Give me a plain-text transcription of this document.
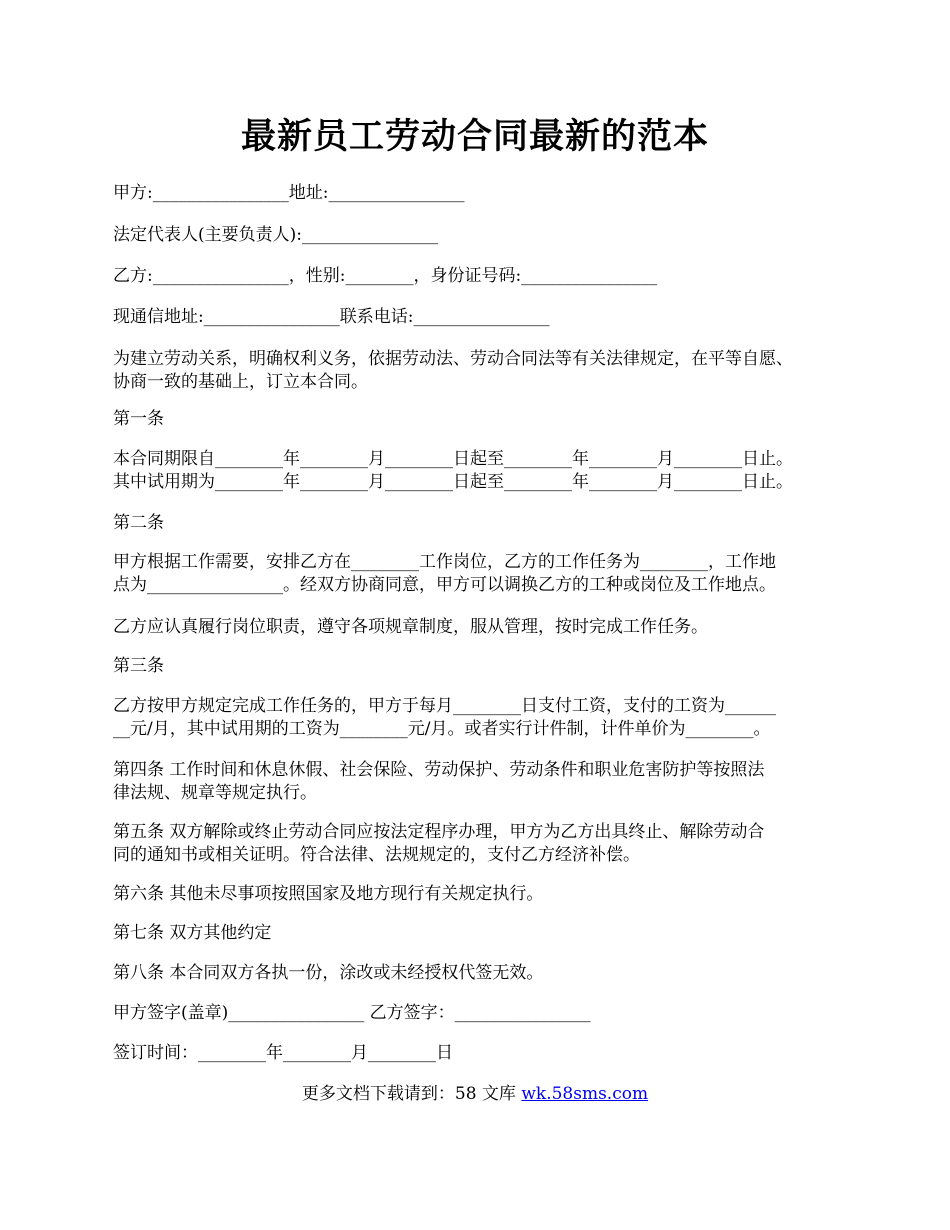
最新员工劳动合同最新的范本

甲方:________________地址:________________

法定代表人(主要负责人):________________

乙方:________________，性别:________，身份证号码:________________

现通信地址:________________联系电话:________________

为建立劳动关系，明确权利义务，依据劳动法、劳动合同法等有关法律规定，在平等自愿、

协商一致的基础上，订立本合同。

第一条

本合同期限自________年________月________日起至________年________月________日止。

其中试用期为________年________月________日起至________年________月________日止。

第二条

甲方根据工作需要，安排乙方在________工作岗位，乙方的工作任务为________，工作地

点为________________。经双方协商同意，甲方可以调换乙方的工种或岗位及工作地点。

乙方应认真履行岗位职责，遵守各项规章制度，服从管理，按时完成工作任务。

第三条

乙方按甲方规定完成工作任务的，甲方于每月________日支付工资，支付的工资为______

__元/月，其中试用期的工资为________元/月。或者实行计件制，计件单价为________。

第四条 工作时间和休息休假、社会保险、劳动保护、劳动条件和职业危害防护等按照法

律法规、规章等规定执行。

第五条 双方解除或终止劳动合同应按法定程序办理，甲方为乙方出具终止、解除劳动合

同的通知书或相关证明。符合法律、法规规定的，支付乙方经济补偿。

第六条 其他未尽事项按照国家及地方现行有关规定执行。

第七条 双方其他约定

第八条 本合同双方各执一份，涂改或未经授权代签无效。

甲方签字(盖章)________________ 乙方签字：________________

签订时间：________年________月________日

更多文档下载请到：58 文库 wk.58sms.com
